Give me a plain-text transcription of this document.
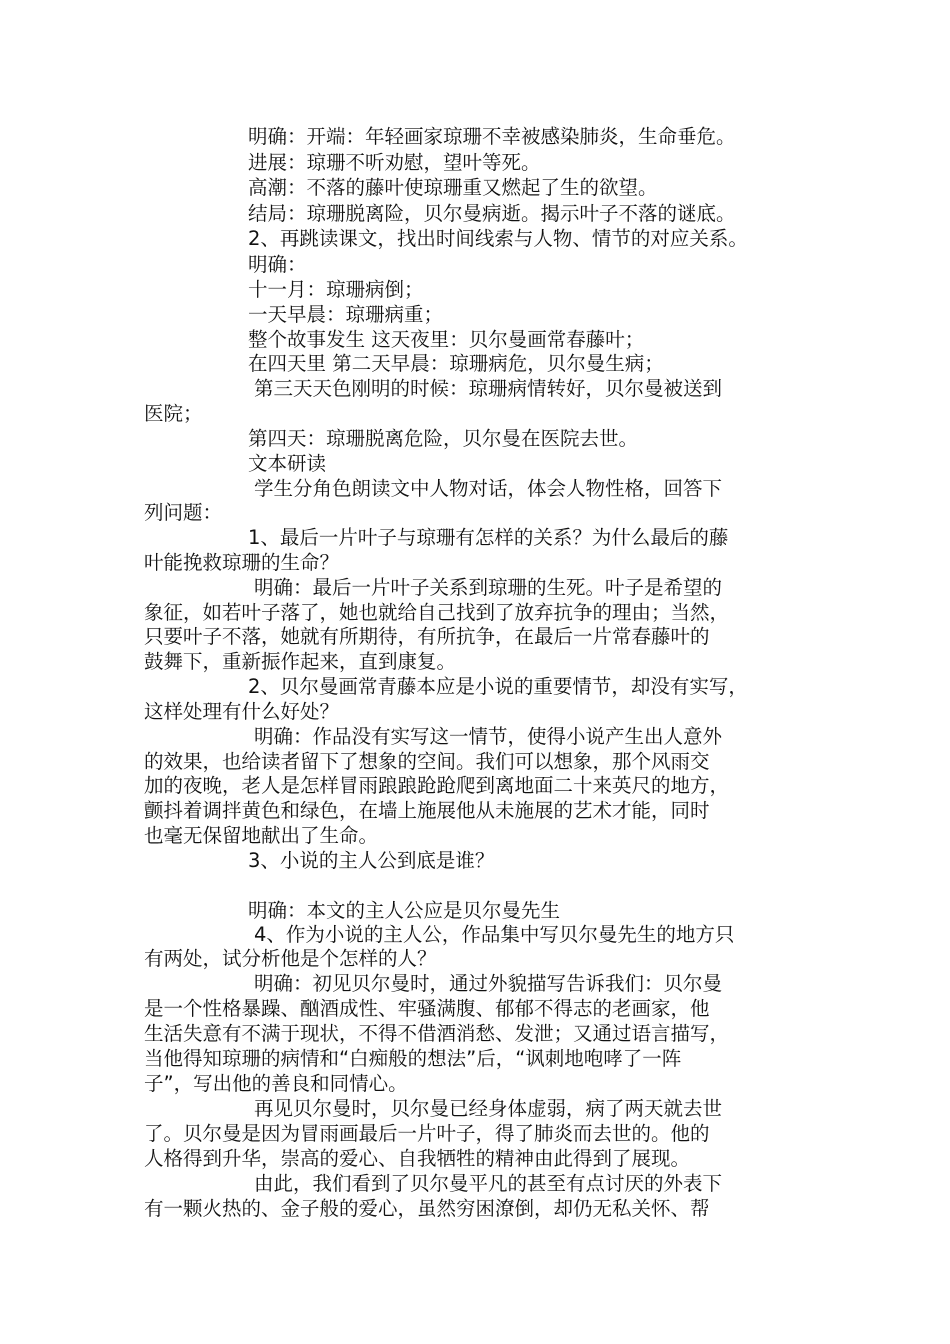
明确：开端：年轻画家琼珊不幸被感染肺炎，生命垂危。
进展：琼珊不听劝慰，望叶等死。
高潮：不落的藤叶使琼珊重又燃起了生的欲望。
结局：琼珊脱离险，贝尔曼病逝。揭示叶子不落的谜底。
2、再跳读课文，找出时间线索与人物、情节的对应关系。
明确：
十一月：琼珊病倒；
一天早晨：琼珊病重；
整个故事发生 这天夜里：贝尔曼画常春藤叶；
在四天里 第二天早晨：琼珊病危，贝尔曼生病；
第三天天色刚明的时候：琼珊病情转好，贝尔曼被送到
医院；
第四天：琼珊脱离危险，贝尔曼在医院去世。
文本研读
学生分角色朗读文中人物对话，体会人物性格，回答下
列问题：
1、最后一片叶子与琼珊有怎样的关系？为什么最后的藤
叶能挽救琼珊的生命？
明确：最后一片叶子关系到琼珊的生死。叶子是希望的
象征，如若叶子落了，她也就给自己找到了放弃抗争的理由；当然，
只要叶子不落，她就有所期待，有所抗争，在最后一片常春藤叶的
鼓舞下，重新振作起来，直到康复。
2、贝尔曼画常青藤本应是小说的重要情节，却没有实写，
这样处理有什么好处？
明确：作品没有实写这一情节，使得小说产生出人意外
的效果，也给读者留下了想象的空间。我们可以想象，那个风雨交
加的夜晚，老人是怎样冒雨踉踉跄跄爬到离地面二十来英尺的地方，
颤抖着调拌黄色和绿色，在墙上施展他从未施展的艺术才能，同时
也毫无保留地献出了生命。
3、小说的主人公到底是谁？
明确：本文的主人公应是贝尔曼先生
4、作为小说的主人公，作品集中写贝尔曼先生的地方只
有两处，试分析他是个怎样的人？
明确：初见贝尔曼时，通过外貌描写告诉我们：贝尔曼
是一个性格暴躁、酗酒成性、牢骚满腹、郁郁不得志的老画家，他
生活失意有不满于现状，不得不借酒消愁、发泄；又通过语言描写，
当他得知琼珊的病情和“白痴般的想法”后，“讽刺地咆哮了一阵
子”，写出他的善良和同情心。
再见贝尔曼时，贝尔曼已经身体虚弱，病了两天就去世
了。贝尔曼是因为冒雨画最后一片叶子，得了肺炎而去世的。他的
人格得到升华，崇高的爱心、自我牺牲的精神由此得到了展现。
由此，我们看到了贝尔曼平凡的甚至有点讨厌的外表下
有一颗火热的、金子般的爱心，虽然穷困潦倒，却仍无私关怀、帮
